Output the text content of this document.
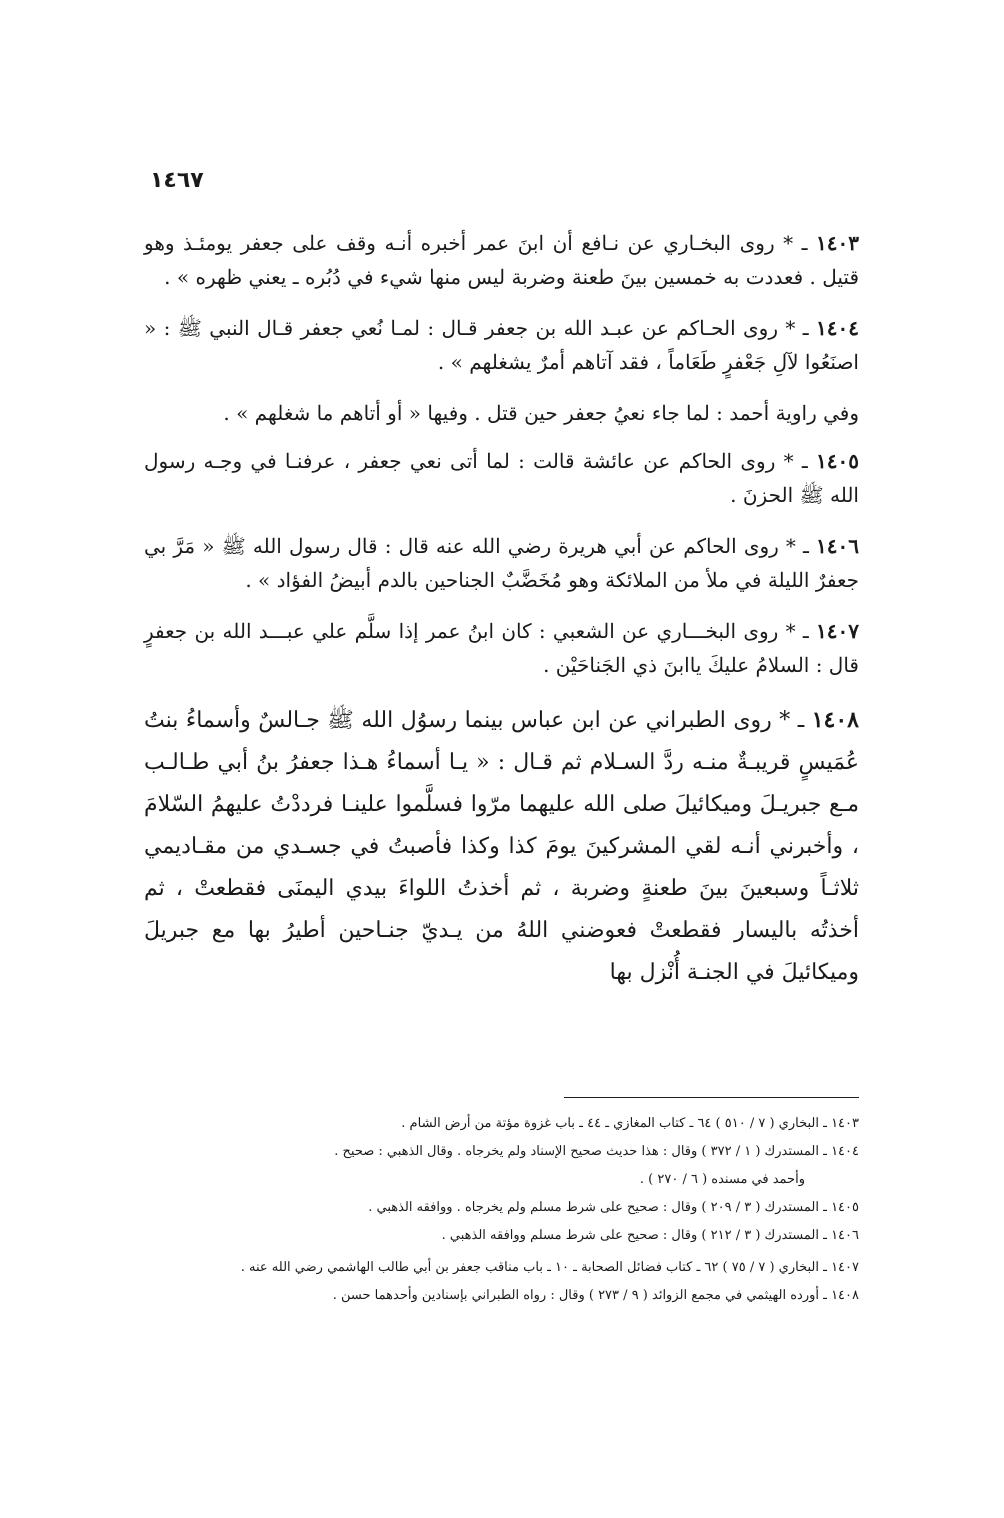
١٤٦٧

١٤٠٣ ـ * روى البخـاري عن نـافع أن ابنَ عمر أخبره أنـه وقف على جعفر يومئـذ وهو قتيل . فعددت به خمسين بينَ طعنة وضربة ليس منها شيء في دُبُره ـ يعني ظهره » .

١٤٠٤ ـ * روى الحـاكم عن عبـد الله بن جعفر قـال : لمـا نُعي جعفر قـال النبي ﷺ : « اصنَعُوا لآلِ جَعْفرٍ طَعَاماً ، فقد آتاهم أمرٌ يشغلهم » .

وفي راوية أحمد : لما جاء نعيُ جعفر حين قتل . وفيها « أو أتاهم ما شغلهم » .

١٤٠٥ ـ * روى الحاكم عن عائشة قالت : لما أتى نعي جعفر ، عرفنـا في وجـه رسول الله ﷺ الحزنَ .

١٤٠٦ ـ * روى الحاكم عن أبي هريرة رضي الله عنه قال : قال رسول الله ﷺ « مَرَّ بي جعفرٌ الليلة في ملأ من الملائكة وهو مُخَضَّبٌ الجناحين بالدم أبيضُ الفؤاد » .

١٤٠٧ ـ * روى البخـــاري عن الشعبي : كان ابنُ عمر إذا سلَّم علي عبـــد الله بن جعفرٍ قال : السلامُ عليكَ ياابنَ ذي الجَناحَيْن .

١٤٠٨ ـ * روى الطبراني عن ابن عباس بينما رسوُل الله ﷺ جـالسٌ وأسماءُ بنتُ عُمَيسٍ قريبـةٌ منـه ردَّ السـلام ثم قـال : « يـا أسماءُ هـذا جعفرُ بنُ أبي طـالـب مـع جبريـلَ وميكائيلَ صلى الله عليهما مرّوا فسلَّموا علينـا فرددْتُ عليهمُ السّلامَ ، وأخبرني أنـه لقي المشركينَ يومَ كذا وكذا فأصبتُ في جسـدي من مقـاديمي ثلاثـاً وسبعينَ بينَ طعنةٍ وضربة ، ثم أخذتُ اللواءَ بيدي اليمنَى فقطعتْ ، ثم أخذتُه باليسار فقطعتْ فعوضني اللهُ من يـديّ جنـاحين أطيرُ بها مع جبريلَ وميكائيلَ في الجنـة أُنْزل بها

١٤٠٣ ـ البخاري ( ٧ / ٥١٠ ) ٦٤ ـ كتاب المغازي ـ ٤٤ ـ باب غزوة مؤتة من أرض الشام .

١٤٠٤ ـ المستدرك ( ١ / ٣٧٢ ) وقال : هذا حديث صحيح الإسناد ولم يخرجاه . وقال الذهبي : صحيح .

وأحمد في مسنده ( ٦ / ٢٧٠ ) .

١٤٠٥ ـ المستدرك ( ٣ / ٢٠٩ ) وقال : صحيح على شرط مسلم ولم يخرجاه . ووافقه الذهبي .

١٤٠٦ ـ المستدرك ( ٣ / ٢١٢ ) وقال : صحيح على شرط مسلم ووافقه الذهبي .

١٤٠٧ ـ البخاري ( ٧ / ٧٥ ) ٦٢ ـ كتاب فضائل الصحابة ـ ١٠ ـ باب مناقب جعفر بن أبي طالب الهاشمي رضي الله عنه .

١٤٠٨ ـ أورده الهيثمي في مجمع الزوائد ( ٩ / ٢٧٣ ) وقال : رواه الطبراني بإسنادين وأحدهما حسن .
